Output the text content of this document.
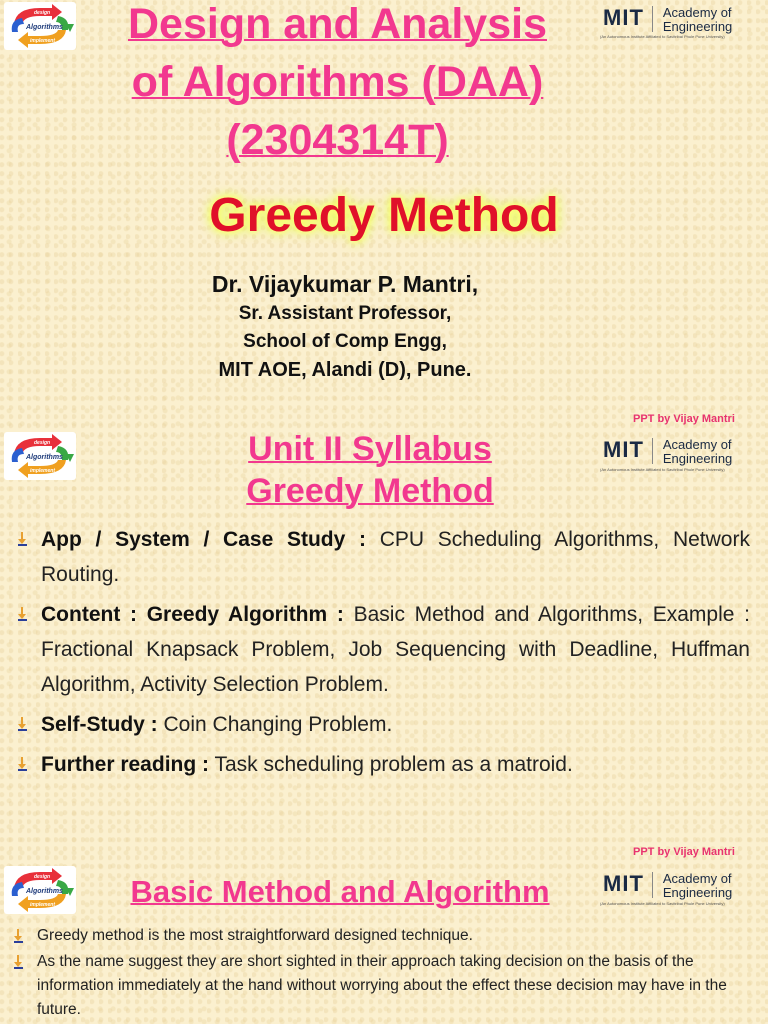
MIT Academy of
Engineering
(An Autonomous Institute Affiliated to Savitribai Phule Pune University)
Design and Analysis
of Algorithms (DAA)
(2304314T)
Greedy Method
Dr. Vijaykumar P. Mantri,
Sr. Assistant Professor,
School of Comp Engg,
MIT AOE, Alandi (D), Pune.
PPT by Vijay Mantri
MIT Academy of
Engineering
(An Autonomous Institute Affiliated to Savitribai Phule Pune University)
Unit II Syllabus
Greedy Method
App / System / Case Study : CPU Scheduling Algorithms, Network Routing.
Content : Greedy Algorithm : Basic Method and Algorithms, Example : Fractional Knapsack Problem, Job Sequencing with Deadline, Huffman Algorithm, Activity Selection Problem.
Self-Study : Coin Changing Problem.
Further reading : Task scheduling problem as a matroid.
PPT by Vijay Mantri
MIT Academy of
Engineering
(An Autonomous Institute Affiliated to Savitribai Phule Pune University)
Basic Method and Algorithm
Greedy method is the most straightforward designed technique.
As the name suggest they are short sighted in their approach taking decision on the basis of the information immediately at the hand without worrying about the effect these decision may have in the future.
